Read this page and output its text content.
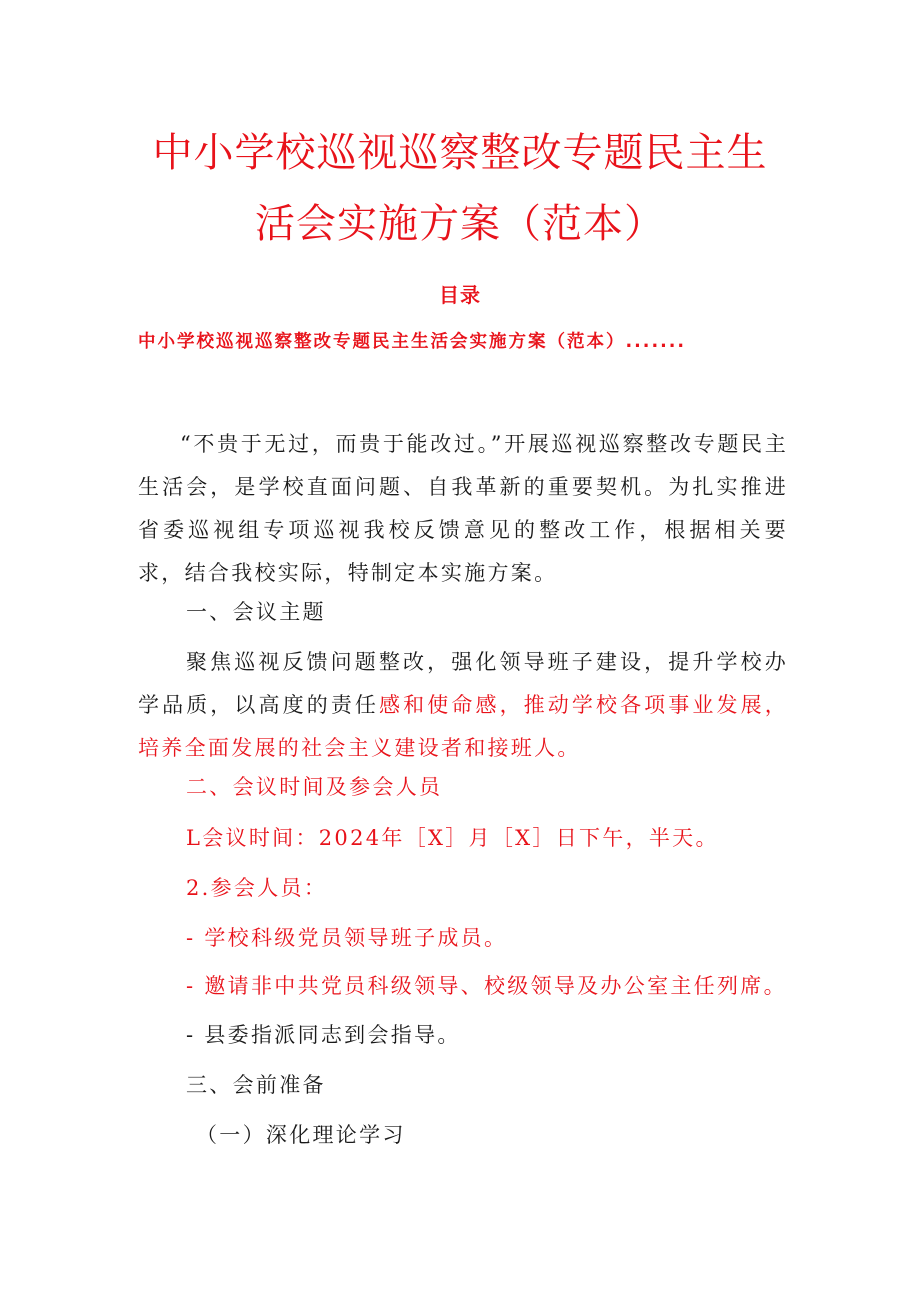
中小学校巡视巡察整改专题民主生
活会实施方案（范本）
目录
中小学校巡视巡察整改专题民主生活会实施方案（范本）.......
“不贵于无过，而贵于能改过。”开展巡视巡察整改专题民主生活会，是学校直面问题、自我革新的重要契机。为扎实推进省委巡视组专项巡视我校反馈意见的整改工作，根据相关要求，结合我校实际，特制定本实施方案。
一、会议主题
聚焦巡视反馈问题整改，强化领导班子建设，提升学校办学品质，以高度的责任感和使命感，推动学校各项事业发展，培养全面发展的社会主义建设者和接班人。
二、会议时间及参会人员
L会议时间：2024年［X］月［X］日下午，半天。
2.参会人员：
- 学校科级党员领导班子成员。
- 邀请非中共党员科级领导、校级领导及办公室主任列席。
- 县委指派同志到会指导。
三、会前准备
（一）深化理论学习
